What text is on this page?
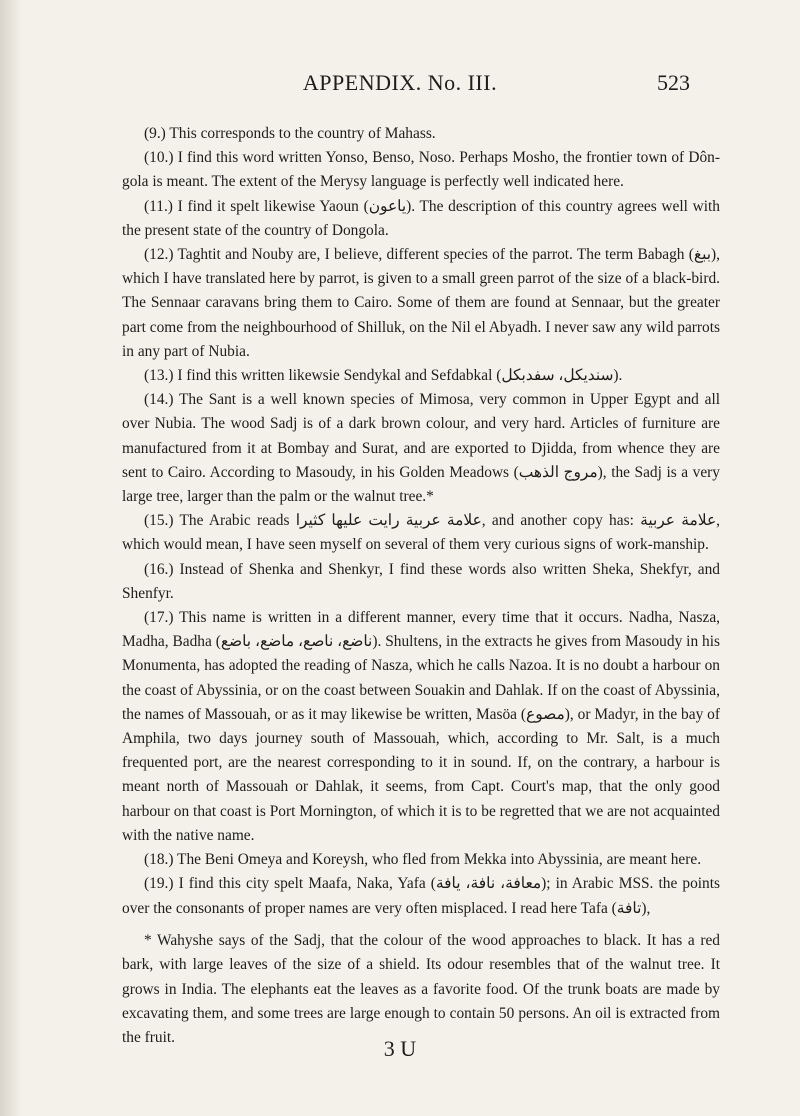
APPENDIX. No. III.	523

(9.) This corresponds to the country of Mahass.

(10.) I find this word written Yonso, Benso, Noso. Perhaps Mosho, the frontier town of Dôn-gola is meant. The extent of the Merysy language is perfectly well indicated here.

(11.) I find it spelt likewise Yaoun (ياعون). The description of this country agrees well with the present state of the country of Dongola.

(12.) Taghtit and Nouby are, I believe, different species of the parrot. The term Babagh (ببغ), which I have translated here by parrot, is given to a small green parrot of the size of a black-bird. The Sennaar caravans bring them to Cairo. Some of them are found at Sennaar, but the greater part come from the neighbourhood of Shilluk, on the Nil el Abyadh. I never saw any wild parrots in any part of Nubia.

(13.) I find this written likewsie Sendykal and Sefdabkal (سنديكل، سفدبكل).

(14.) The Sant is a well known species of Mimosa, very common in Upper Egypt and all over Nubia. The wood Sadj is of a dark brown colour, and very hard. Articles of furniture are manufactured from it at Bombay and Surat, and are exported to Djidda, from whence they are sent to Cairo. According to Masoudy, in his Golden Meadows (مروج الذهب), the Sadj is a very large tree, larger than the palm or the walnut tree.*

(15.) The Arabic reads علامة عربية رايت عليها كثيرا, and another copy has: علامة عربية, which would mean, I have seen myself on several of them very curious signs of work-manship.

(16.) Instead of Shenka and Shenkyr, I find these words also written Sheka, Shekfyr, and Shenfyr.

(17.) This name is written in a different manner, every time that it occurs. Nadha, Nasza, Madha, Badha (ناضع، ناصع، ماضع، باضع). Shultens, in the extracts he gives from Masoudy in his Monumenta, has adopted the reading of Nasza, which he calls Nazoa. It is no doubt a harbour on the coast of Abyssinia, or on the coast between Souakin and Dahlak. If on the coast of Abyssinia, the names of Massouah, or as it may likewise be written, Masöa (مصوع), or Madyr, in the bay of Amphila, two days journey south of Massouah, which, according to Mr. Salt, is a much frequented port, are the nearest corresponding to it in sound. If, on the contrary, a harbour is meant north of Massouah or Dahlak, it seems, from Capt. Court's map, that the only good harbour on that coast is Port Mornington, of which it is to be regretted that we are not acquainted with the native name.

(18.) The Beni Omeya and Koreysh, who fled from Mekka into Abyssinia, are meant here.

(19.) I find this city spelt Maafa, Naka, Yafa (معافة، نافة، يافة); in Arabic MSS. the points over the consonants of proper names are very often misplaced. I read here Tafa (تافة),

* Wahyshe says of the Sadj, that the colour of the wood approaches to black. It has a red bark, with large leaves of the size of a shield. Its odour resembles that of the walnut tree. It grows in India. The elephants eat the leaves as a favorite food. Of the trunk boats are made by excavating them, and some trees are large enough to contain 50 persons. An oil is extracted from the fruit.	3 U
